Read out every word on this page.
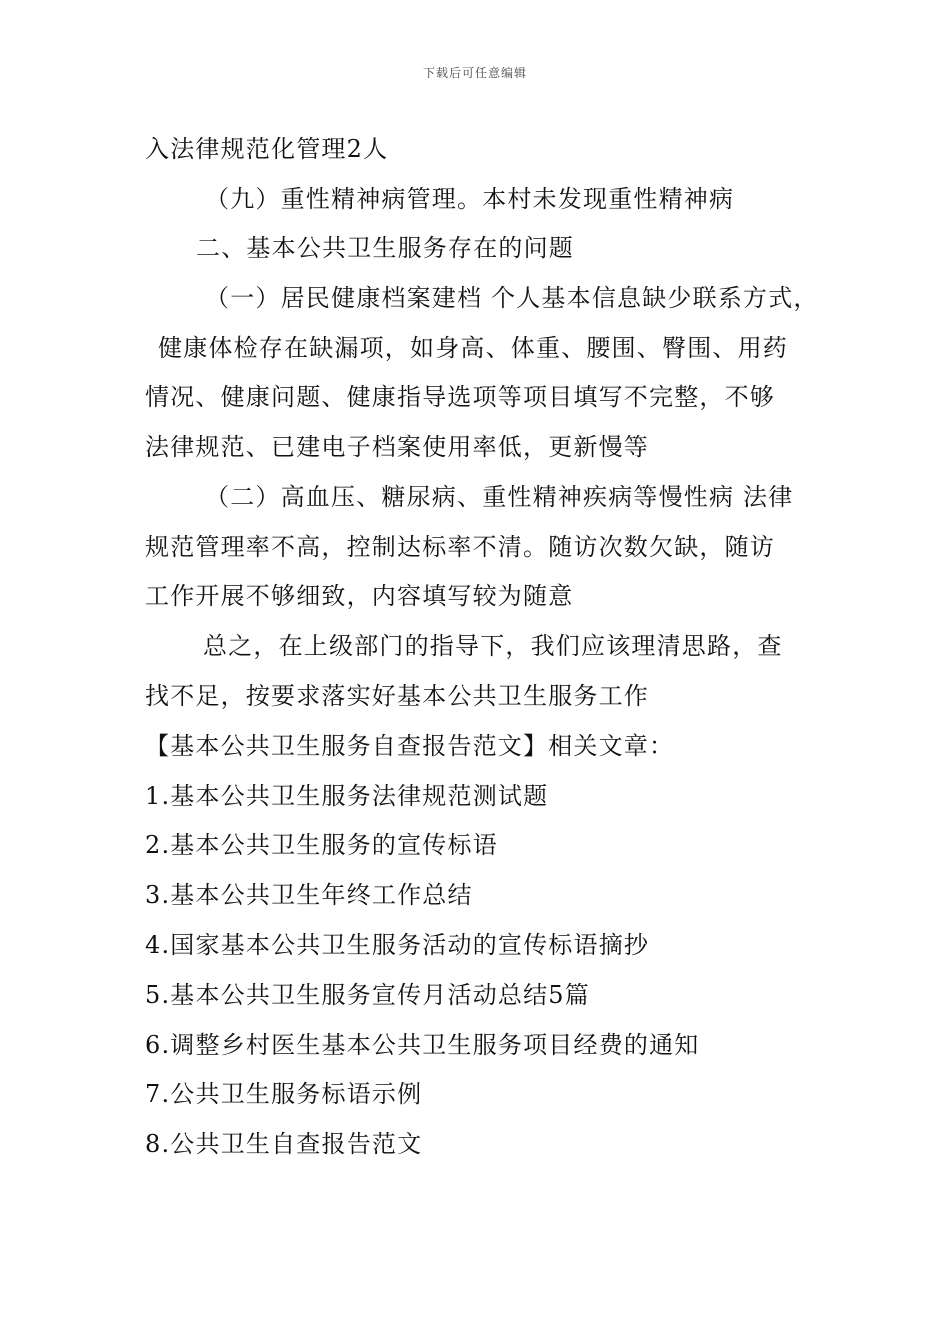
下载后可任意编辑
入法律规范化管理2人
（九）重性精神病管理。本村未发现重性精神病
二、基本公共卫生服务存在的问题
（一）居民健康档案建档 个人基本信息缺少联系方式，
健康体检存在缺漏项，如身高、体重、腰围、臀围、用药
情况、健康问题、健康指导选项等项目填写不完整，不够
法律规范、已建电子档案使用率低，更新慢等
（二）高血压、糖尿病、重性精神疾病等慢性病 法律
规范管理率不高，控制达标率不清。随访次数欠缺，随访
工作开展不够细致，内容填写较为随意
总之，在上级部门的指导下，我们应该理清思路，查
找不足，按要求落实好基本公共卫生服务工作
【基本公共卫生服务自查报告范文】相关文章：
1.基本公共卫生服务法律规范测试题
2.基本公共卫生服务的宣传标语
3.基本公共卫生年终工作总结
4.国家基本公共卫生服务活动的宣传标语摘抄
5.基本公共卫生服务宣传月活动总结5篇
6.调整乡村医生基本公共卫生服务项目经费的通知
7.公共卫生服务标语示例
8.公共卫生自查报告范文
